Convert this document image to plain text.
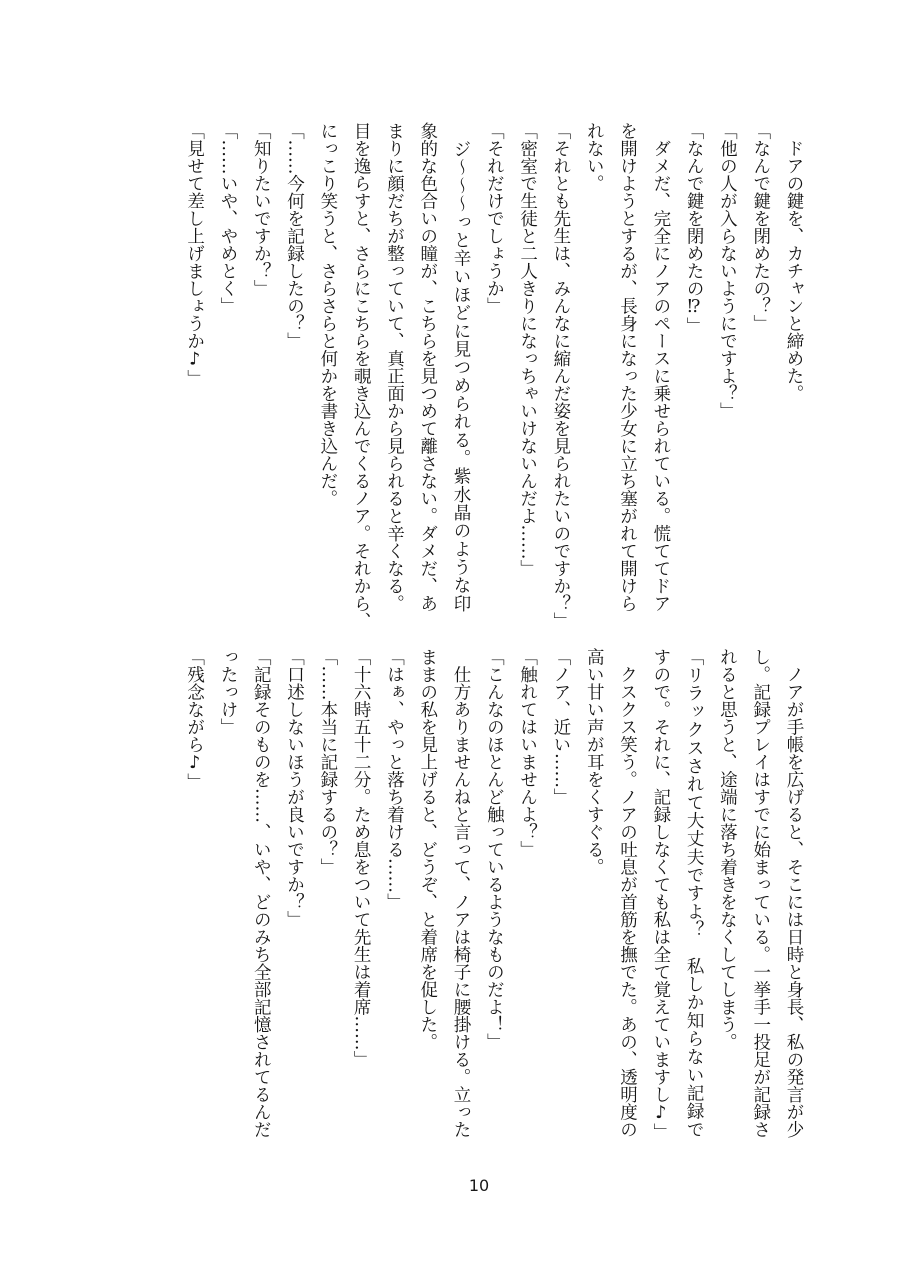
　ドアの鍵を、カチャンと締めた。

「なんで鍵を閉めたの？」

「他の人が入らないようにですよ？」

「なんで鍵を閉めたの⁉」

　ダメだ、完全にノアのペースに乗せられている。慌ててドア

を開けようとするが、長身になった少女に立ち塞がれて開けら

れない。

「それとも先生は、みんなに縮んだ姿を見られたいのですか？」

「密室で生徒と二人きりになっちゃいけないんだよ……」

「それだけでしょうか」

　ジ～～～っと辛いほどに見つめられる。紫水晶のような印

象的な色合いの瞳が、こちらを見つめて離さない。ダメだ、あ

まりに顔だちが整っていて、真正面から見られると辛くなる。

目を逸らすと、さらにこちらを覗き込んでくるノア。それから、

にっこり笑うと、さらさらと何かを書き込んだ。

「……今何を記録したの？」

「知りたいですか？」

「……いや、やめとく」

「見せて差し上げましょうか♪」

　ノアが手帳を広げると、そこには日時と身長、私の発言が少

し。記録プレイはすでに始まっている。一挙手一投足が記録さ

れると思うと、途端に落ち着きをなくしてしまう。

「リラックスされて大丈夫ですよ？　私しか知らない記録で

すので。それに、記録しなくても私は全て覚えていますし♪」

　クスクス笑う。ノアの吐息が首筋を撫でた。あの、透明度の

高い甘い声が耳をくすぐる。

「ノア、近い……」

「触れてはいませんよ？」

「こんなのほとんど触っているようなものだよ！」

　仕方ありませんねと言って、ノアは椅子に腰掛ける。立った

ままの私を見上げると、どうぞ、と着席を促した。

「はぁ、やっと落ち着ける……」

「十六時五十二分。ため息をついて先生は着席……」

「……本当に記録するの？」

「口述しないほうが良いですか？」

「記録そのものを……、いや、どのみち全部記憶されてるんだ

ったっけ」

「残念ながら♪」

10
